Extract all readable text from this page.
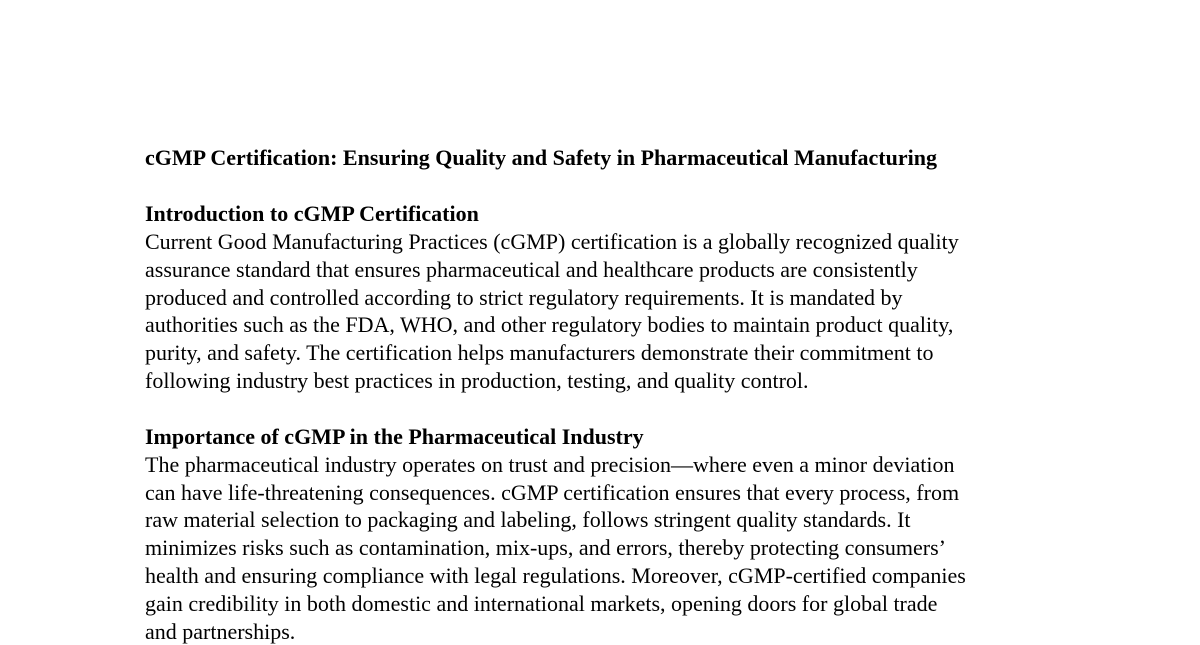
cGMP Certification: Ensuring Quality and Safety in Pharmaceutical Manufacturing
Introduction to cGMP Certification
Current Good Manufacturing Practices (cGMP) certification is a globally recognized quality
assurance standard that ensures pharmaceutical and healthcare products are consistently
produced and controlled according to strict regulatory requirements. It is mandated by
authorities such as the FDA, WHO, and other regulatory bodies to maintain product quality,
purity, and safety. The certification helps manufacturers demonstrate their commitment to
following industry best practices in production, testing, and quality control.
Importance of cGMP in the Pharmaceutical Industry
The pharmaceutical industry operates on trust and precision—where even a minor deviation
can have life-threatening consequences. cGMP certification ensures that every process, from
raw material selection to packaging and labeling, follows stringent quality standards. It
minimizes risks such as contamination, mix-ups, and errors, thereby protecting consumers’
health and ensuring compliance with legal regulations. Moreover, cGMP-certified companies
gain credibility in both domestic and international markets, opening doors for global trade
and partnerships.
